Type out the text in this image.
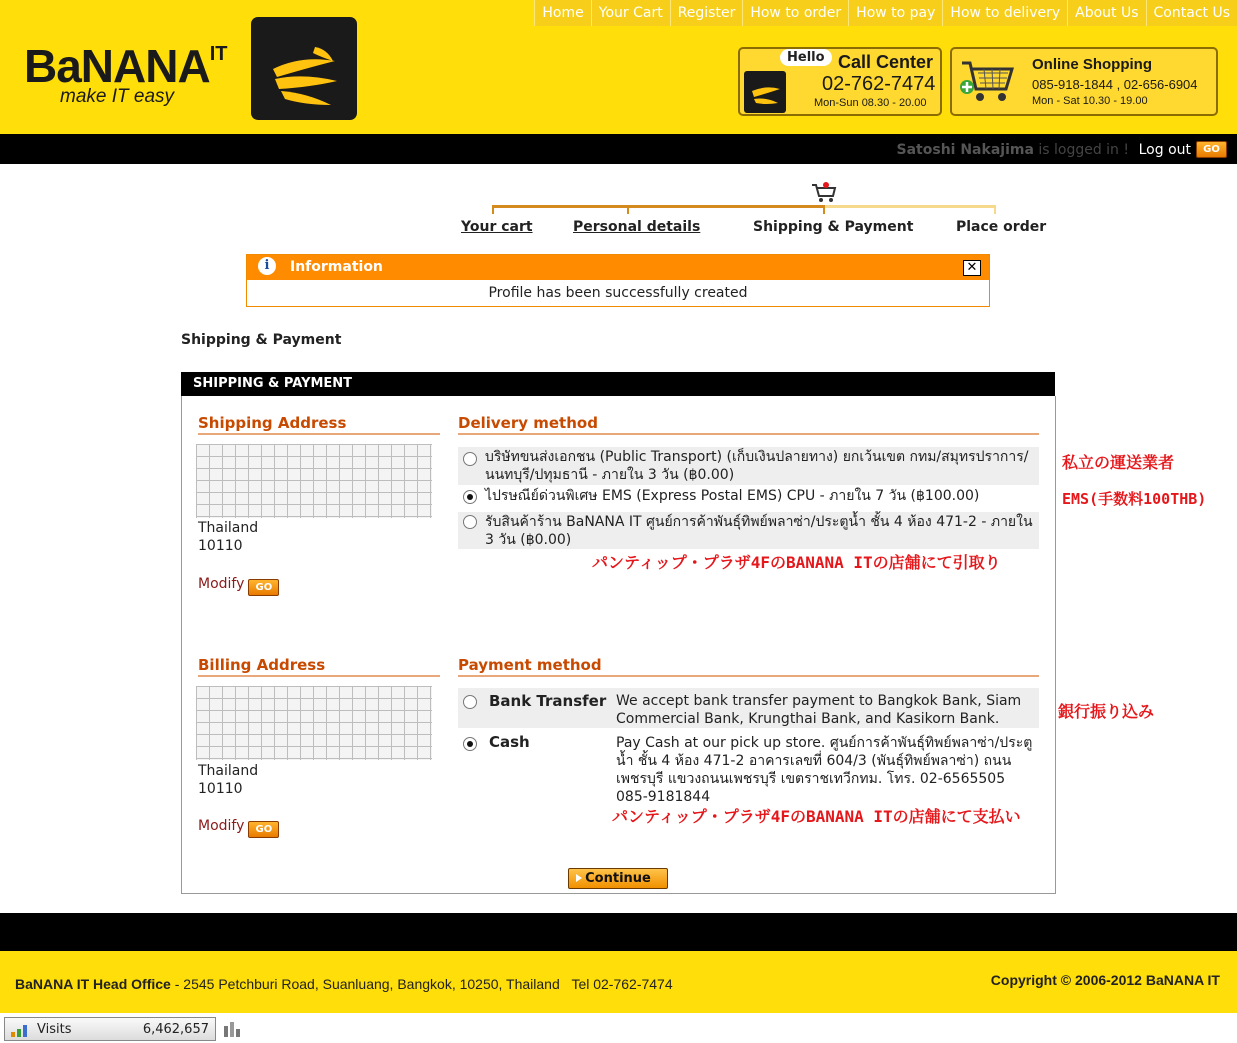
Home	Your Cart	Register	How to order	How to pay	How to delivery	About Us	Contact Us
BaNANA$^{IT}$
make IT easy
Hello Call Center
02-762-7474
Mon-Sun 08.30 - 20.00
Online Shopping
085-918-1844 , 02-656-6904
Mon - Sat 10.30 - 19.00
Satoshi Nakajima is logged in ! Log out	GO
Your cart	Personal details	Shipping & Payment	Place order
i	Information	✕
Profile has been successfully created
Shipping & Payment
SHIPPING & PAYMENT
Shipping Address
Thailand
10110
Modify GO
Delivery method
บริษัทขนส่งเอกชน (Public Transport) (เก็บเงินปลายทาง) ยกเว้นเขต กทม/สมุทรปราการ/นนทบุรี/ปทุมธานี - ภายใน 3 วัน (฿0.00)
ไปรษณีย์ด่วนพิเศษ EMS (Express Postal EMS) CPU - ภายใน 7 วัน (฿100.00)
รับสินค้าร้าน BaNANA IT ศูนย์การค้าพันธุ์ทิพย์พลาซ่า/ประตูน้ำ ชั้น 4 ห้อง 471-2 - ภายใน 3 วัน (฿0.00)
パンティップ・プラザ4FのBANANA ITの店舗にて引取り
Billing Address
Thailand
10110
Modify GO
Payment method
Bank Transfer We accept bank transfer payment to Bangkok Bank, Siam Commercial Bank, Krungthai Bank, and Kasikorn Bank.
Cash	Pay Cash at our pick up store. ศูนย์การค้าพันธุ์ทิพย์พลาซ่า/ประตูน้ำ ชั้น 4 ห้อง 471-2 อาคารเลขที่ 604/3 (พันธุ์ทิพย์พลาซ่า) ถนนเพชรบุรี แขวงถนนเพชรบุรี เขตราชเทวีกทม. โทร. 02-6565505 085-9181844
パンティップ・プラザ4FのBANANA ITの店舗にて支払い
私立の運送業者
EMS(手数料100THB)
銀行振り込み
Continue
BaNANA IT Head Office - 2545 Petchburi Road, Suanluang, Bangkok, 10250, Thailand Tel 02-762-7474	Copyright © 2006-2012 BaNANA IT
Visits	6,462,657
